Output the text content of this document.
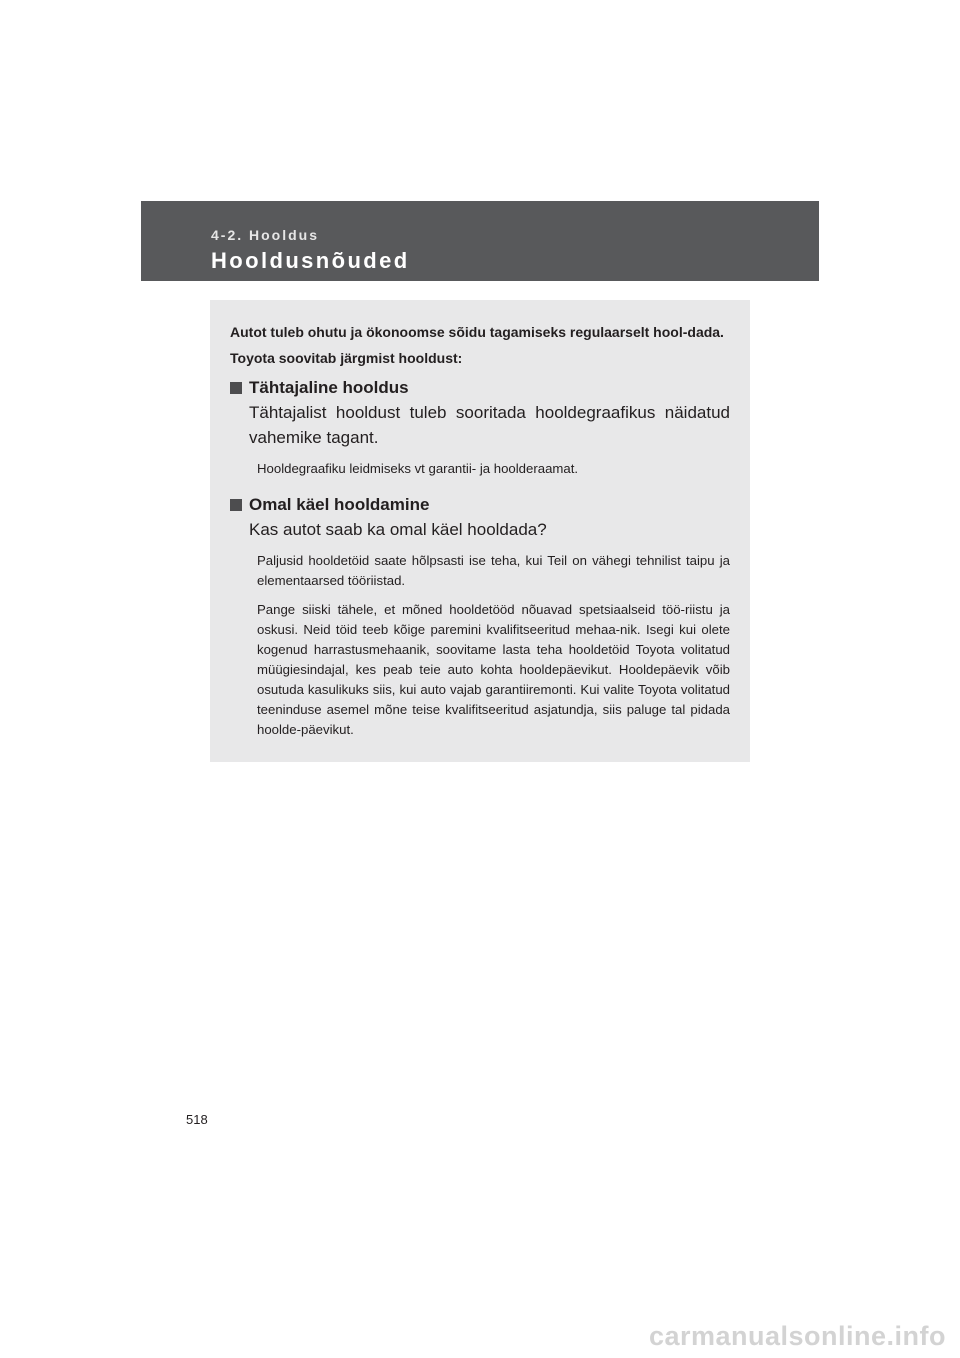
4-2. Hooldus
Hooldusnõuded

Autot tuleb ohutu ja ökonoomse sõidu tagamiseks regulaarselt hool-dada. Toyota soovitab järgmist hooldust:

Tähtajaline hooldus

Tähtajalist hooldust tuleb sooritada hooldegraafikus näidatud vahemike tagant.

Hooldegraafiku leidmiseks vt garantii- ja hoolderaamat.

Omal käel hooldamine

Kas autot saab ka omal käel hooldada?

Paljusid hooldetöid saate hõlpsasti ise teha, kui Teil on vähegi tehnilist taipu ja elementaarsed tööriistad.

Pange siiski tähele, et mõned hooldetööd nõuavad spetsiaalseid töö-riistu ja oskusi. Neid töid teeb kõige paremini kvalifitseeritud mehaa-nik. Isegi kui olete kogenud harrastusmehaanik, soovitame lasta teha hooldetöid Toyota volitatud müügiesindajal, kes peab teie auto kohta hooldepäevikut. Hooldepäevik võib osutuda kasulikuks siis, kui auto vajab garantiiremonti. Kui valite Toyota volitatud teeninduse asemel mõne teise kvalifitseeritud asjatundja, siis paluge tal pidada hoolde-päevikut.

518
carmanualsonline.info
